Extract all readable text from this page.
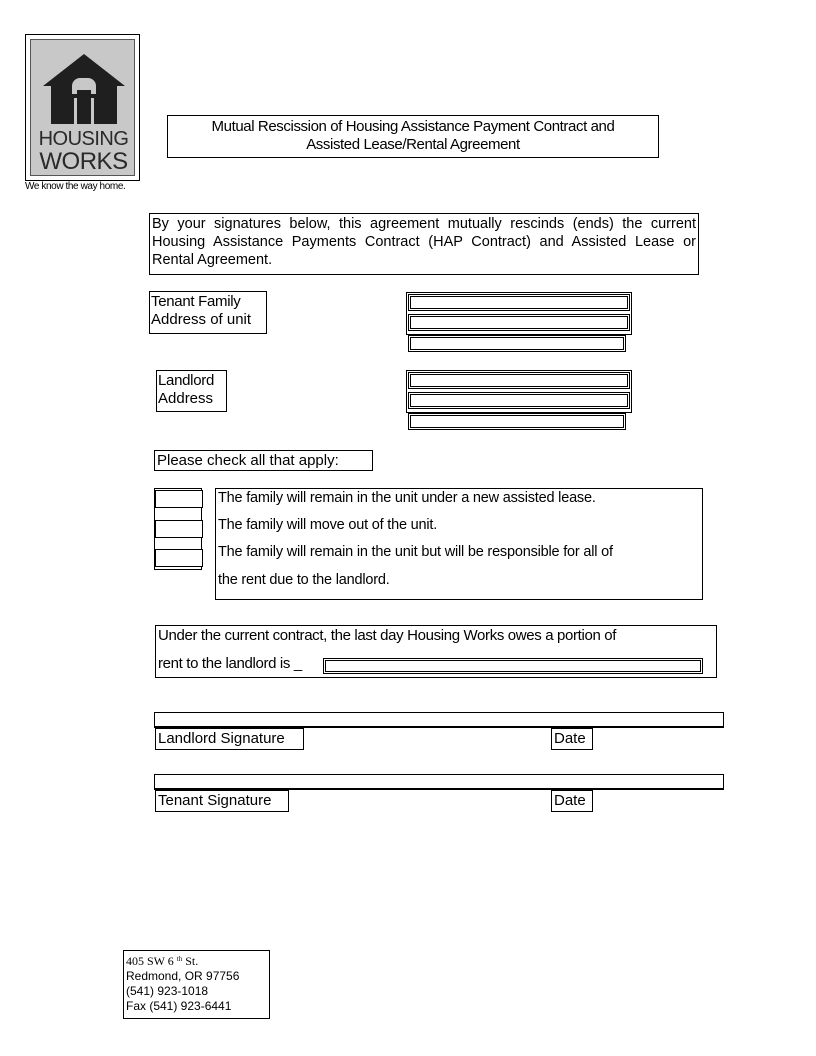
HOUSING
WORKS
We know the way home.
Mutual Rescission of Housing Assistance Payment Contract and
Assisted Lease/Rental Agreement
By your signatures below, this agreement mutually rescinds (ends) the current Housing Assistance Payments Contract (HAP Contract) and Assisted Lease or Rental Agreement.
Tenant Family
Address of unit
Landlord
Address
Please check all that apply:
The family will remain in the unit under a new assisted lease.
The family will move out of the unit.
The family will remain in the unit but will be responsible for all of
the rent due to the landlord.
Under the current contract, the last day Housing Works owes a portion of
rent to the landlord is _
Landlord Signature	Date
Tenant Signature	Date
405 SW 6 $^{th}$ St.
Redmond, OR 97756
(541) 923-1018
Fax (541) 923-6441
